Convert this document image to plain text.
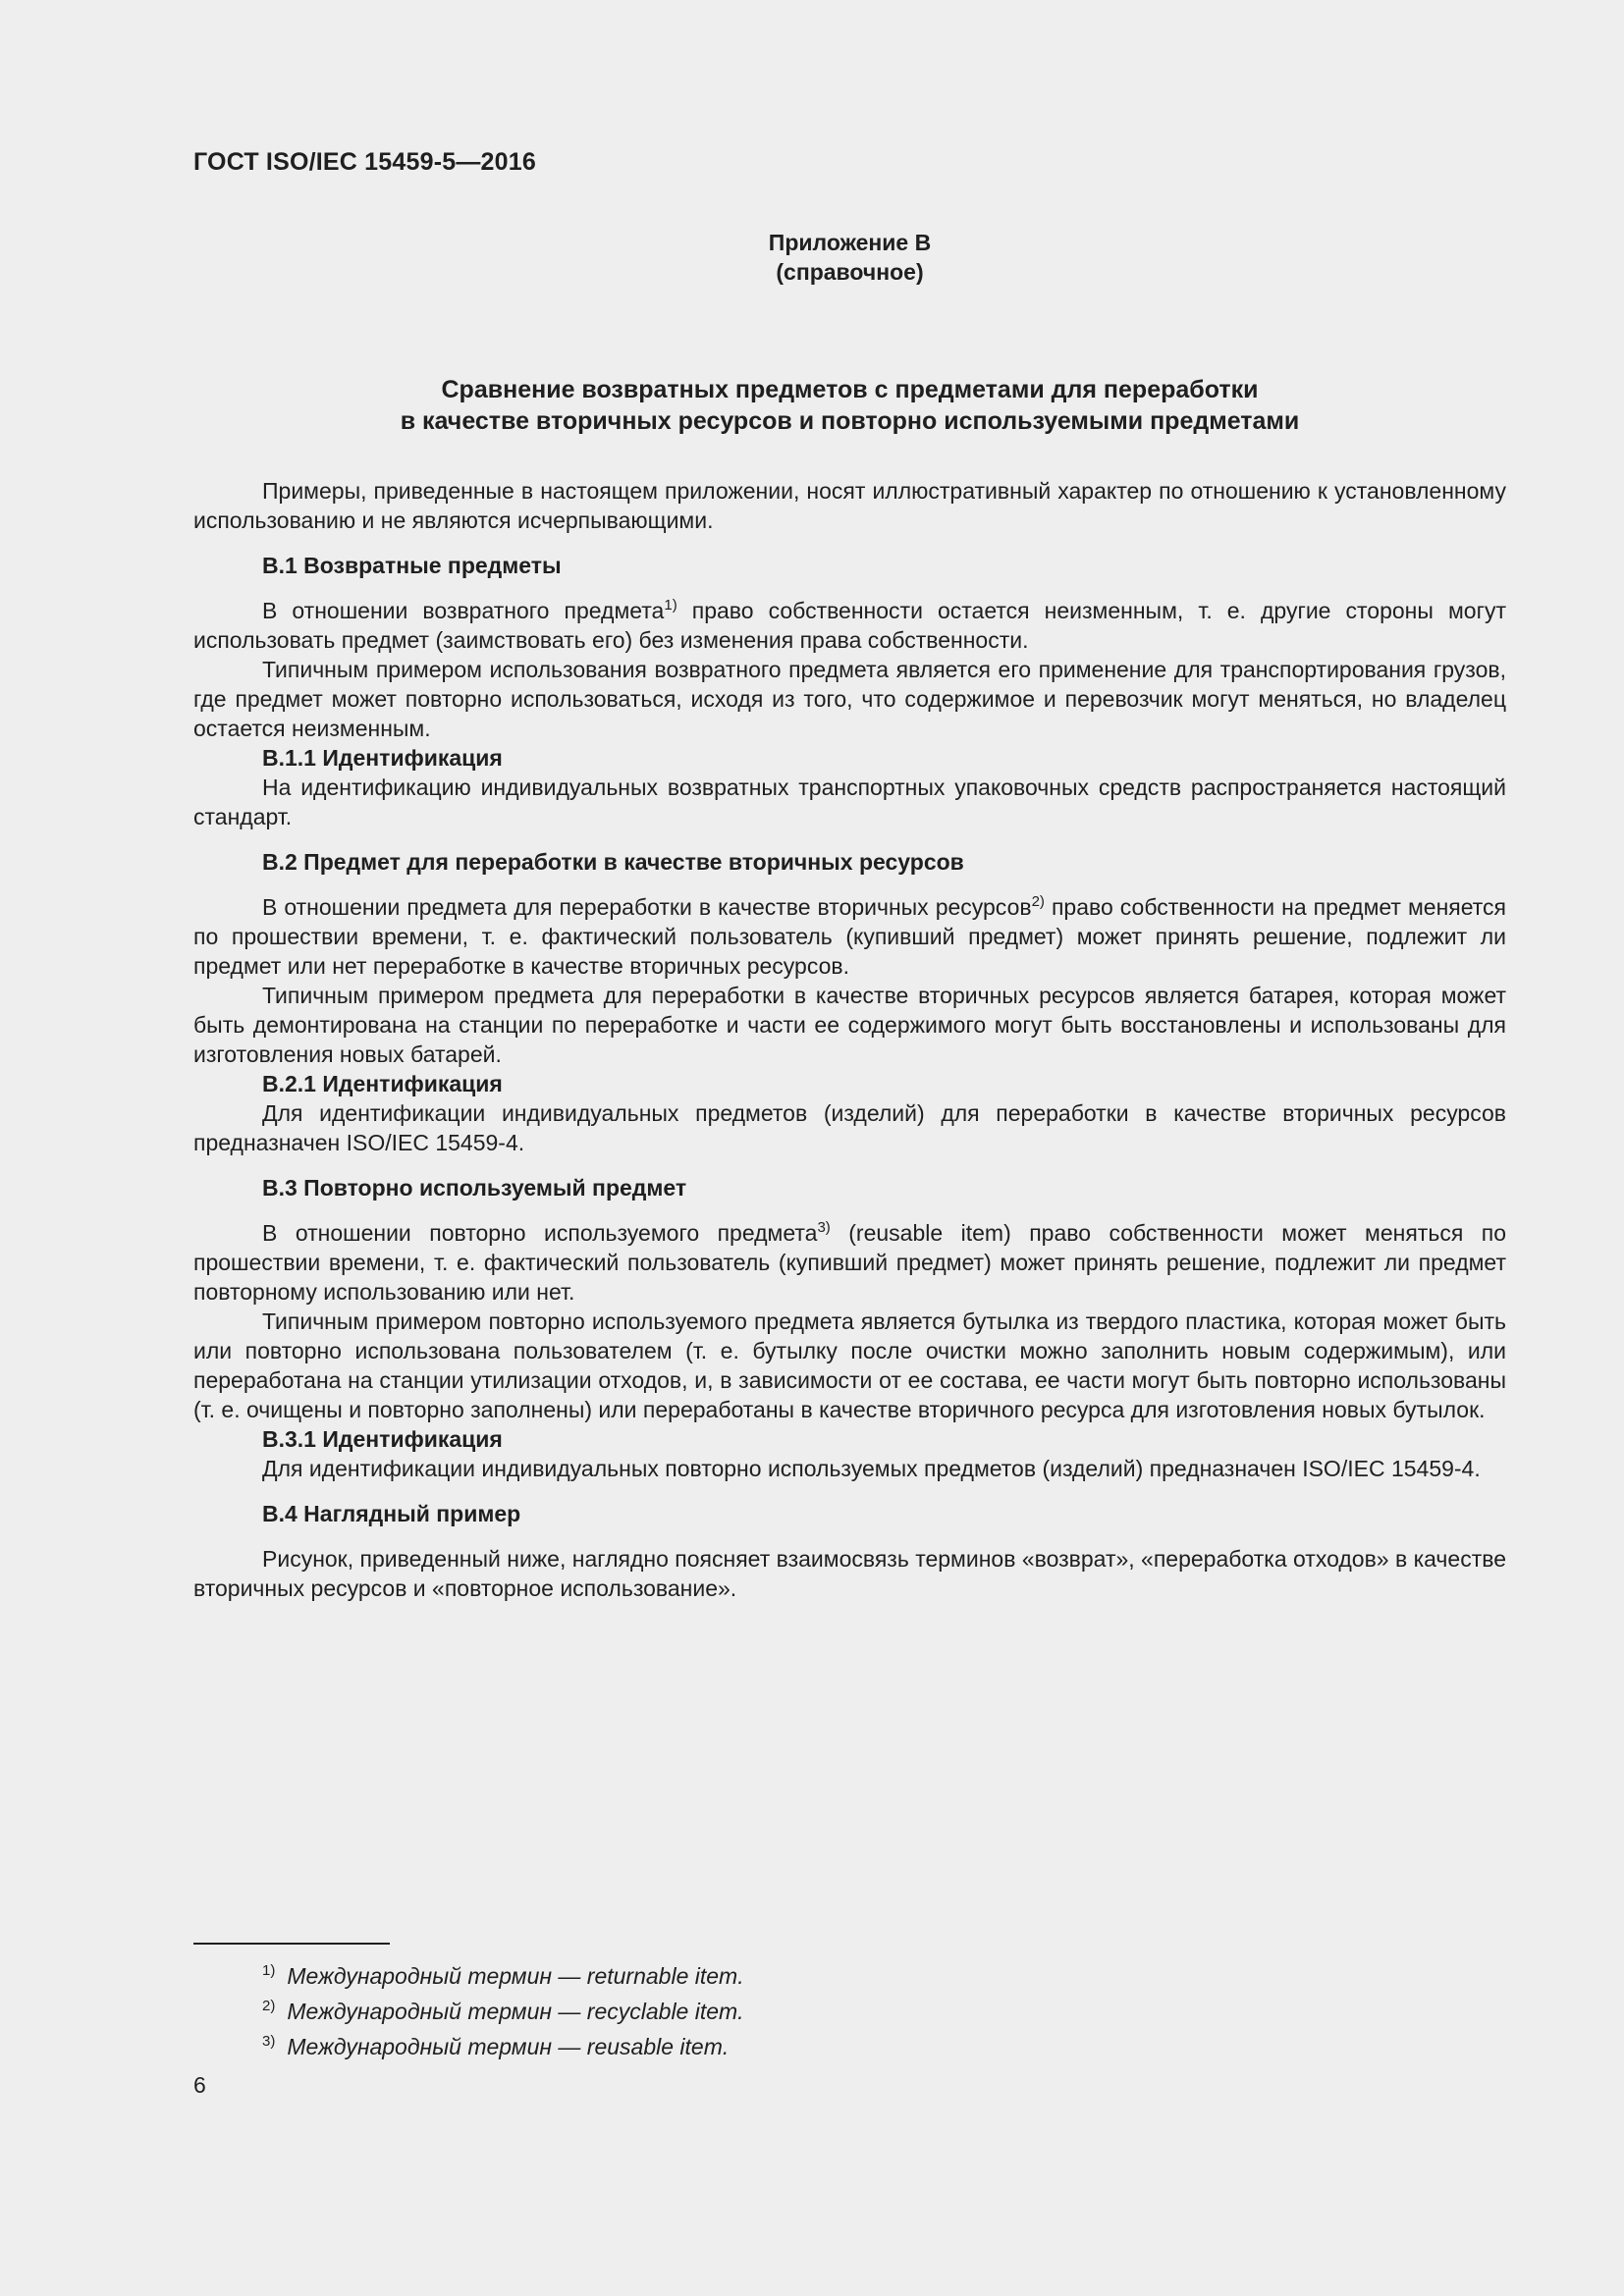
ГОСТ ISO/IEC 15459-5—2016
Приложение В
(справочное)
Сравнение возвратных предметов с предметами для переработки
в качестве вторичных ресурсов и повторно используемыми предметами

Примеры, приведенные в настоящем приложении, носят иллюстративный характер по отношению к установленному использованию и не являются исчерпывающими.

В.1 Возвратные предметы

В отношении возвратного предмета$^{1)}$ право собственности остается неизменным, т. е. другие стороны могут использовать предмет (заимствовать его) без изменения права собственности.

Типичным примером использования возвратного предмета является его применение для транспортирования грузов, где предмет может повторно использоваться, исходя из того, что содержимое и перевозчик могут меняться, но владелец остается неизменным.

В.1.1 Идентификация

На идентификацию индивидуальных возвратных транспортных упаковочных средств распространяется настоящий стандарт.

В.2 Предмет для переработки в качестве вторичных ресурсов

В отношении предмета для переработки в качестве вторичных ресурсов$^{2)}$ право собственности на предмет меняется по прошествии времени, т. е. фактический пользователь (купивший предмет) может принять решение, подлежит ли предмет или нет переработке в качестве вторичных ресурсов.

Типичным примером предмета для переработки в качестве вторичных ресурсов является батарея, которая может быть демонтирована на станции по переработке и части ее содержимого могут быть восстановлены и использованы для изготовления новых батарей.

В.2.1 Идентификация

Для идентификации индивидуальных предметов (изделий) для переработки в качестве вторичных ресурсов предназначен ISO/IEC 15459-4.

В.3 Повторно используемый предмет

В отношении повторно используемого предмета$^{3)}$ (reusable item) право собственности может меняться по прошествии времени, т. е. фактический пользователь (купивший предмет) может принять решение, подлежит ли предмет повторному использованию или нет.

Типичным примером повторно используемого предмета является бутылка из твердого пластика, которая может быть или повторно использована пользователем (т. е. бутылку после очистки можно заполнить новым содержимым), или переработана на станции утилизации отходов, и, в зависимости от ее состава, ее части могут быть повторно использованы (т. е. очищены и повторно заполнены) или переработаны в качестве вторичного ресурса для изготовления новых бутылок.

В.3.1 Идентификация

Для идентификации индивидуальных повторно используемых предметов (изделий) предназначен ISO/IEC 15459-4.

В.4 Наглядный пример

Рисунок, приведенный ниже, наглядно поясняет взаимосвязь терминов «возврат», «переработка отходов» в качестве вторичных ресурсов и «повторное использование».

$^{1)}$ Международный термин — returnable item.
$^{2)}$ Международный термин — recyclable item.
$^{3)}$ Международный термин — reusable item.
6
